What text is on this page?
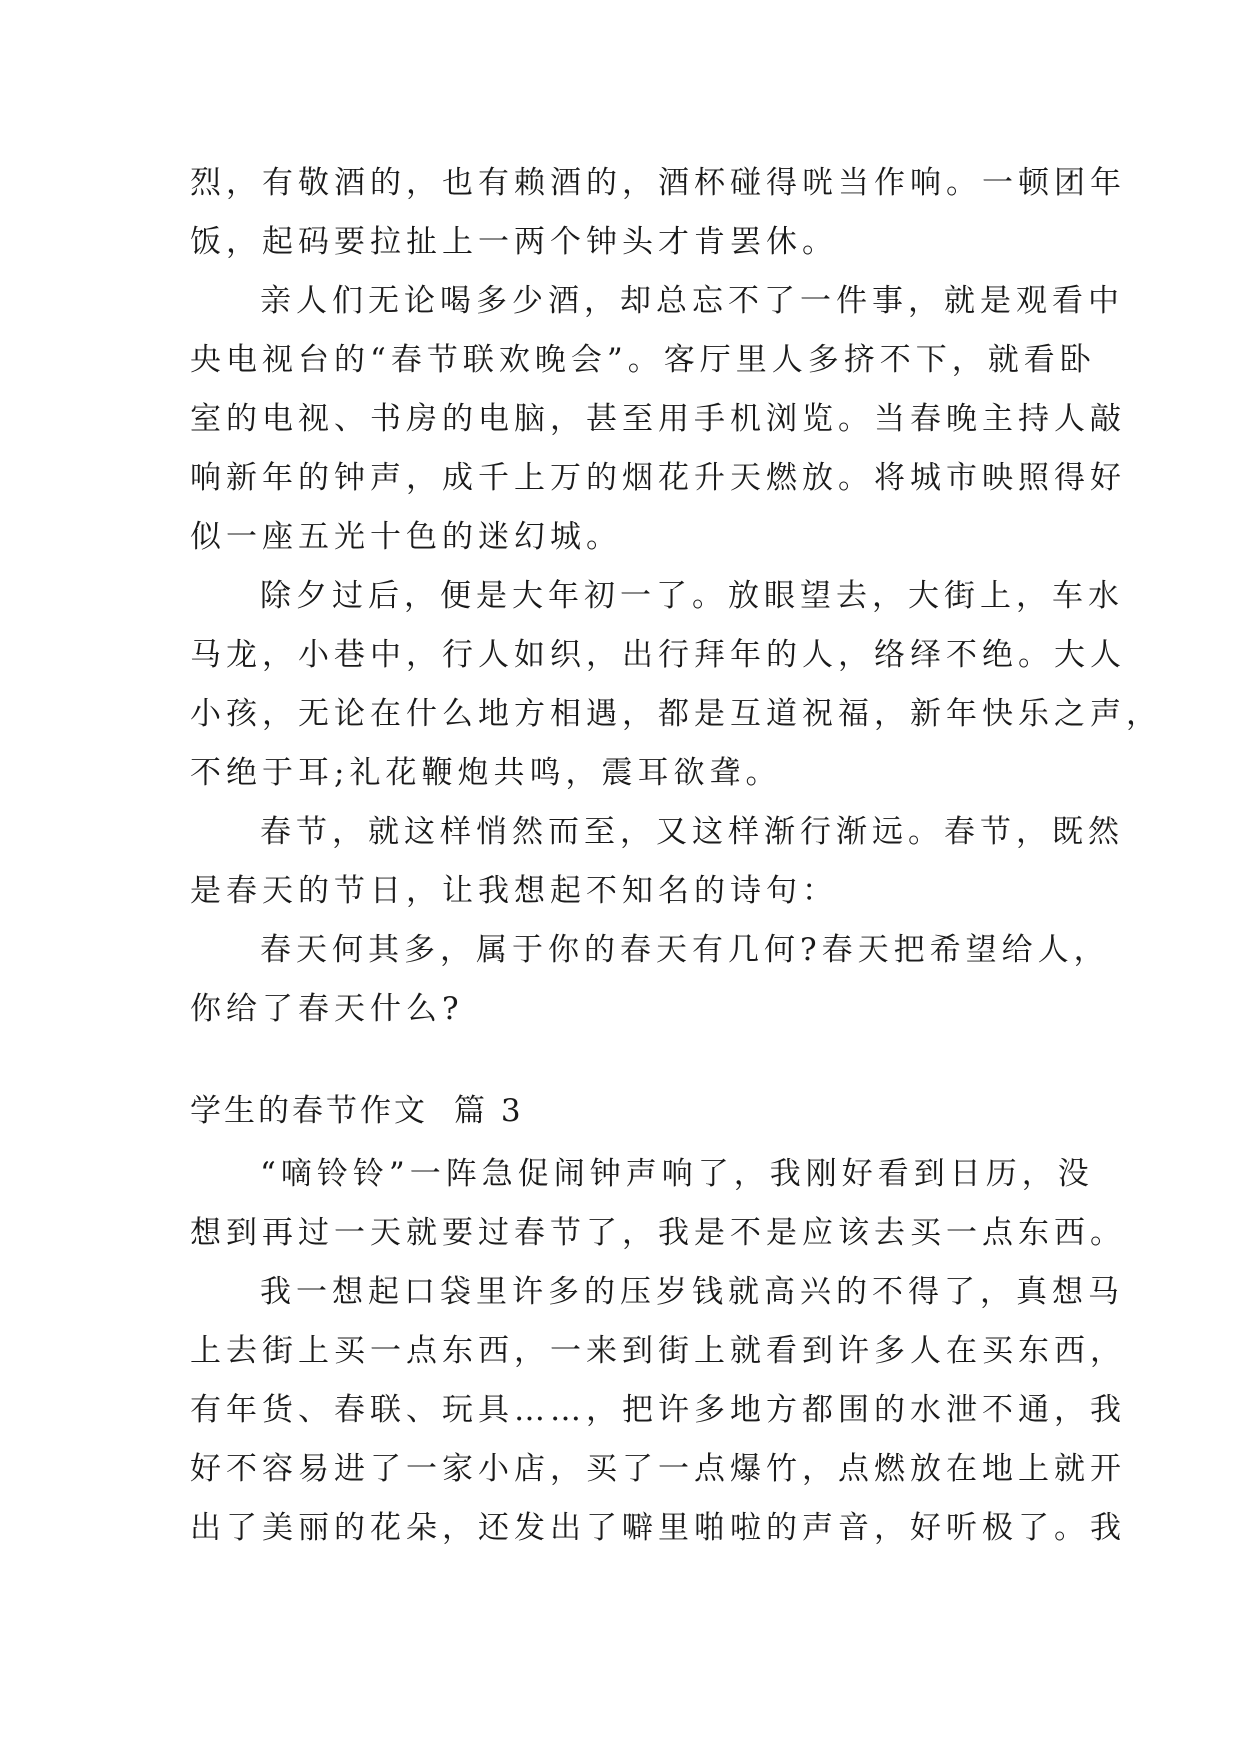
烈，有敬酒的，也有赖酒的，酒杯碰得咣当作响。一顿团年
饭，起码要拉扯上一两个钟头才肯罢休。
亲人们无论喝多少酒，却总忘不了一件事，就是观看中
央电视台的“春节联欢晚会”。客厅里人多挤不下，就看卧
室的电视、书房的电脑，甚至用手机浏览。当春晚主持人敲
响新年的钟声，成千上万的烟花升天燃放。将城市映照得好
似一座五光十色的迷幻城。
除夕过后，便是大年初一了。放眼望去，大街上，车水
马龙，小巷中，行人如织，出行拜年的人，络绎不绝。大人
小孩，无论在什么地方相遇，都是互道祝福，新年快乐之声，
不绝于耳;礼花鞭炮共鸣，震耳欲聋。
春节，就这样悄然而至，又这样渐行渐远。春节，既然
是春天的节日，让我想起不知名的诗句：
春天何其多，属于你的春天有几何?春天把希望给人，
你给了春天什么?
学生的春节作文 篇 3
“嘀铃铃”一阵急促闹钟声响了，我刚好看到日历，没
想到再过一天就要过春节了，我是不是应该去买一点东西。
我一想起口袋里许多的压岁钱就高兴的不得了，真想马
上去街上买一点东西，一来到街上就看到许多人在买东西，
有年货、春联、玩具……，把许多地方都围的水泄不通，我
好不容易进了一家小店，买了一点爆竹，点燃放在地上就开
出了美丽的花朵，还发出了噼里啪啦的声音，好听极了。我
